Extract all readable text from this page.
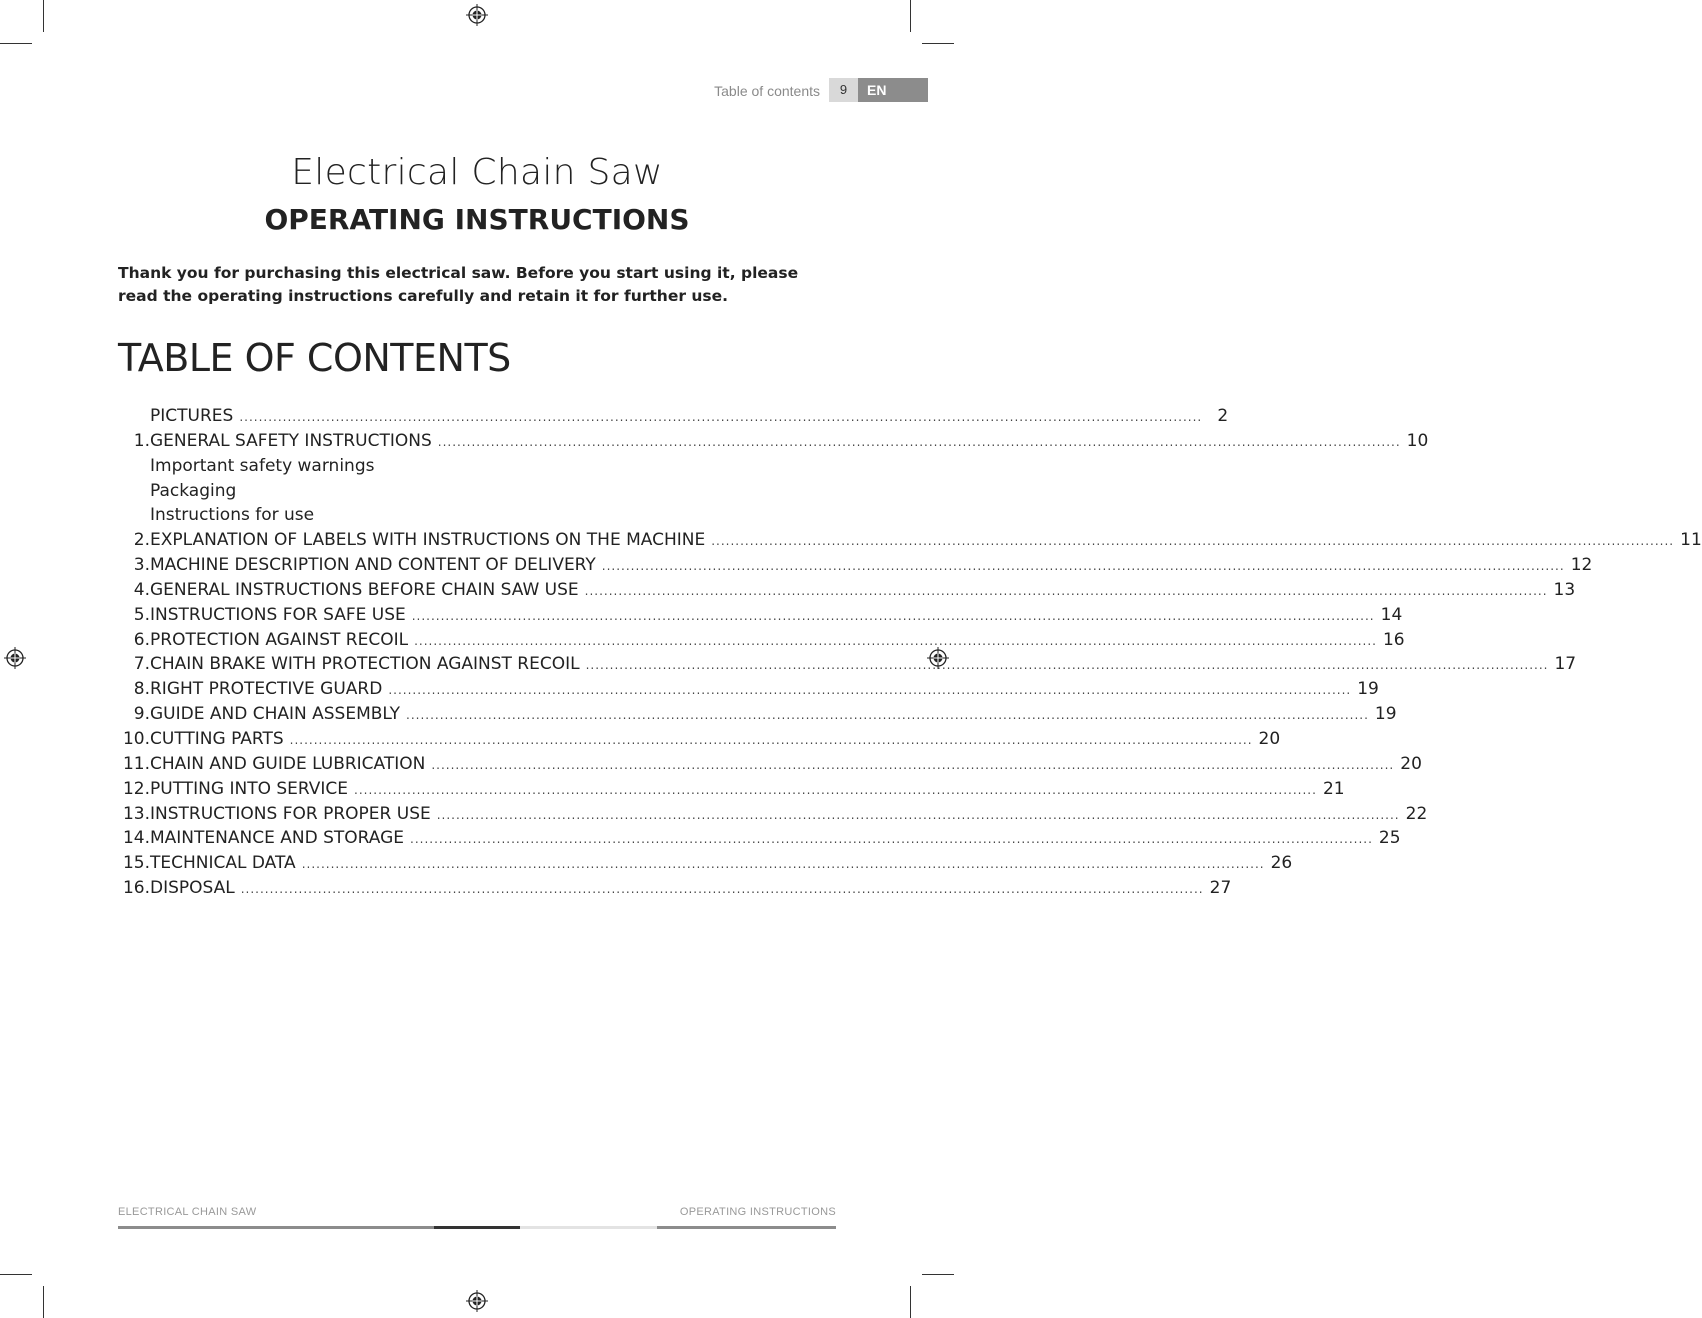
Table of contents	9	EN
Electrical Chain Saw
OPERATING INSTRUCTIONS
Thank you for purchasing this electrical saw. Before you start using it, please read the operating instructions carefully and retain it for further use.
TABLE OF CONTENTS
PICTURES ........................................................................................................................................................................................................ 2
1. GENERAL SAFETY INSTRUCTIONS ........................................................................................................................................................................................................ 10
Important safety warnings
Packaging
Instructions for use
2. EXPLANATION OF LABELS WITH INSTRUCTIONS ON THE MACHINE ........................................................................................................................................................................................................ 11
3. MACHINE DESCRIPTION AND CONTENT OF DELIVERY ........................................................................................................................................................................................................ 12
4. GENERAL INSTRUCTIONS BEFORE CHAIN SAW USE ........................................................................................................................................................................................................ 13
5. INSTRUCTIONS FOR SAFE USE ........................................................................................................................................................................................................ 14
6. PROTECTION AGAINST RECOIL ........................................................................................................................................................................................................ 16
7. CHAIN BRAKE WITH PROTECTION AGAINST RECOIL ........................................................................................................................................................................................................ 17
8. RIGHT PROTECTIVE GUARD ........................................................................................................................................................................................................ 19
9. GUIDE AND CHAIN ASSEMBLY ........................................................................................................................................................................................................ 19
10. CUTTING PARTS ........................................................................................................................................................................................................ 20
11. CHAIN AND GUIDE LUBRICATION ........................................................................................................................................................................................................ 20
12. PUTTING INTO SERVICE ........................................................................................................................................................................................................ 21
13. INSTRUCTIONS FOR PROPER USE ........................................................................................................................................................................................................ 22
14. MAINTENANCE AND STORAGE ........................................................................................................................................................................................................ 25
15. TECHNICAL DATA ........................................................................................................................................................................................................ 26
16. DISPOSAL ........................................................................................................................................................................................................ 27
ELECTRICAL CHAIN SAW	OPERATING INSTRUCTIONS
